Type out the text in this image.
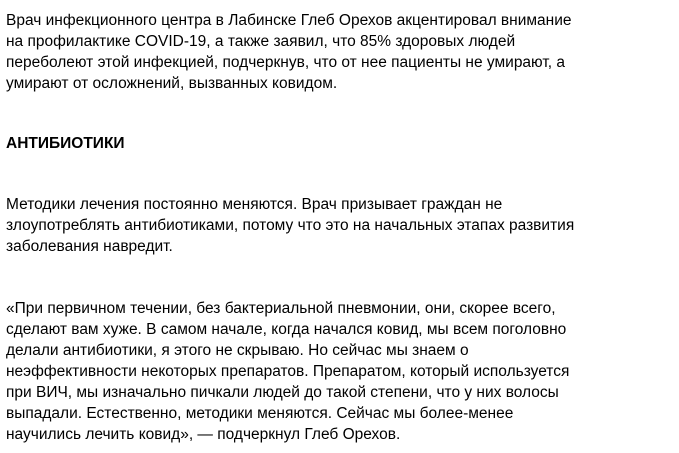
Врач инфекционного центра в Лабинске Глеб Орехов акцентировал внимание
на профилактике COVID-19, а также заявил, что 85% здоровых людей
переболеют этой инфекцией, подчеркнув, что от нее пациенты не умирают, а
умирают от осложнений, вызванных ковидом.

АНТИБИОТИКИ

Методики лечения постоянно меняются. Врач призывает граждан не
злоупотреблять антибиотиками, потому что это на начальных этапах развития
заболевания навредит.

«При первичном течении, без бактериальной пневмонии, они, скорее всего,
сделают вам хуже. В самом начале, когда начался ковид, мы всем поголовно
делали антибиотики, я этого не скрываю. Но сейчас мы знаем о
неэффективности некоторых препаратов. Препаратом, который используется
при ВИЧ, мы изначально пичкали людей до такой степени, что у них волосы
выпадали. Естественно, методики меняются. Сейчас мы более-менее
научились лечить ковид», — подчеркнул Глеб Орехов.
